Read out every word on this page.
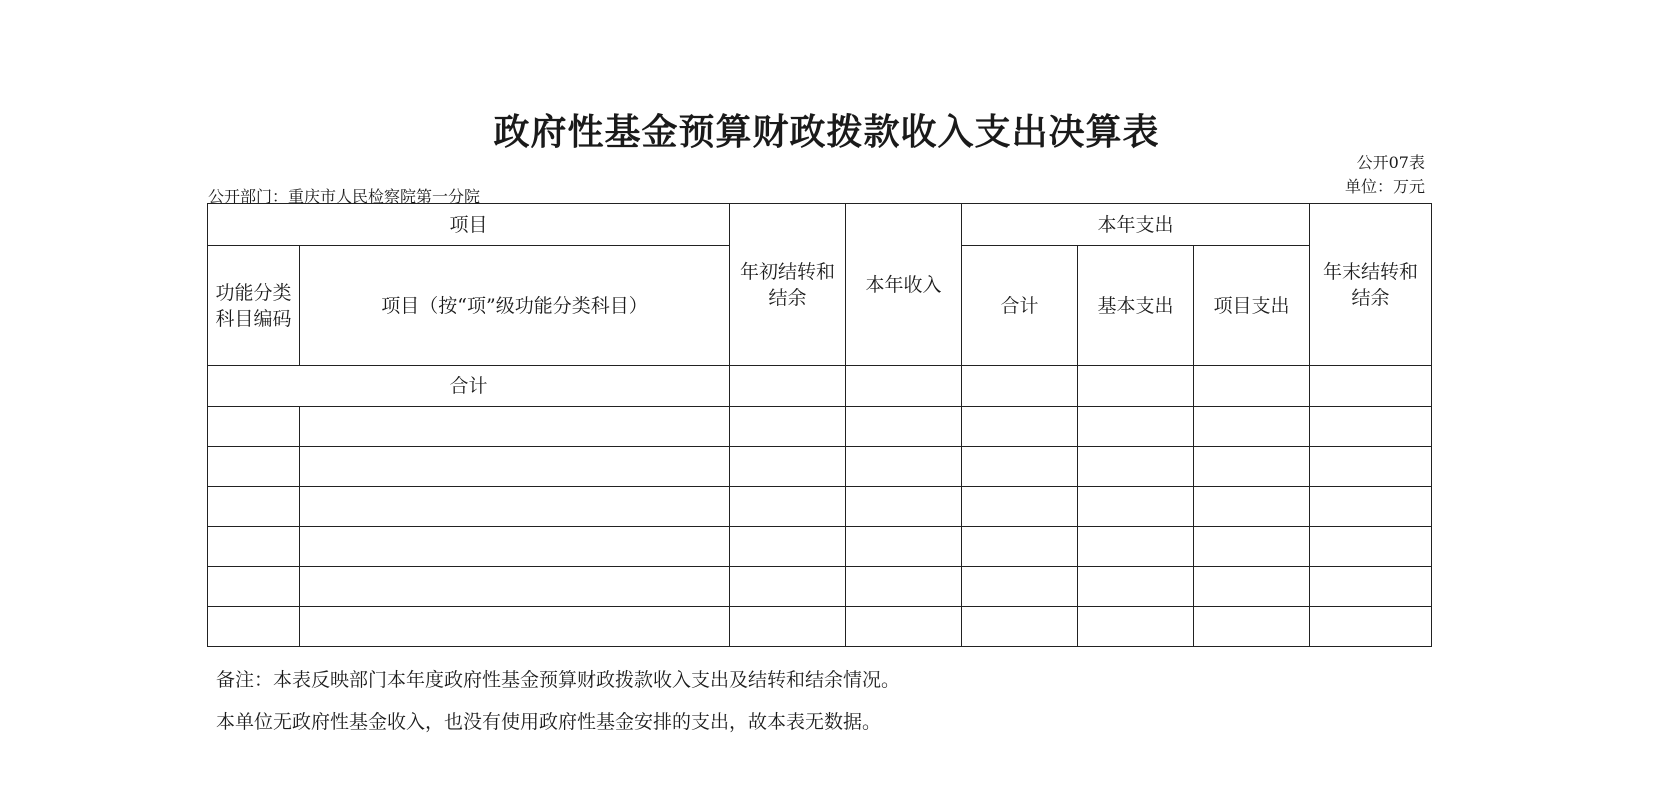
政府性基金预算财政拨款收入支出决算表
公开07表
单位：万元
公开部门：重庆市人民检察院第一分院
项目		年初结转和结余	本年收入	本年支出			年末结转和结余
功能分类科目编码	项目（按“项”级功能分类科目）			合计	基本支出	项目支出	
合计							

备注：本表反映部门本年度政府性基金预算财政拨款收入支出及结转和结余情况。
本单位无政府性基金收入，也没有使用政府性基金安排的支出，故本表无数据。
